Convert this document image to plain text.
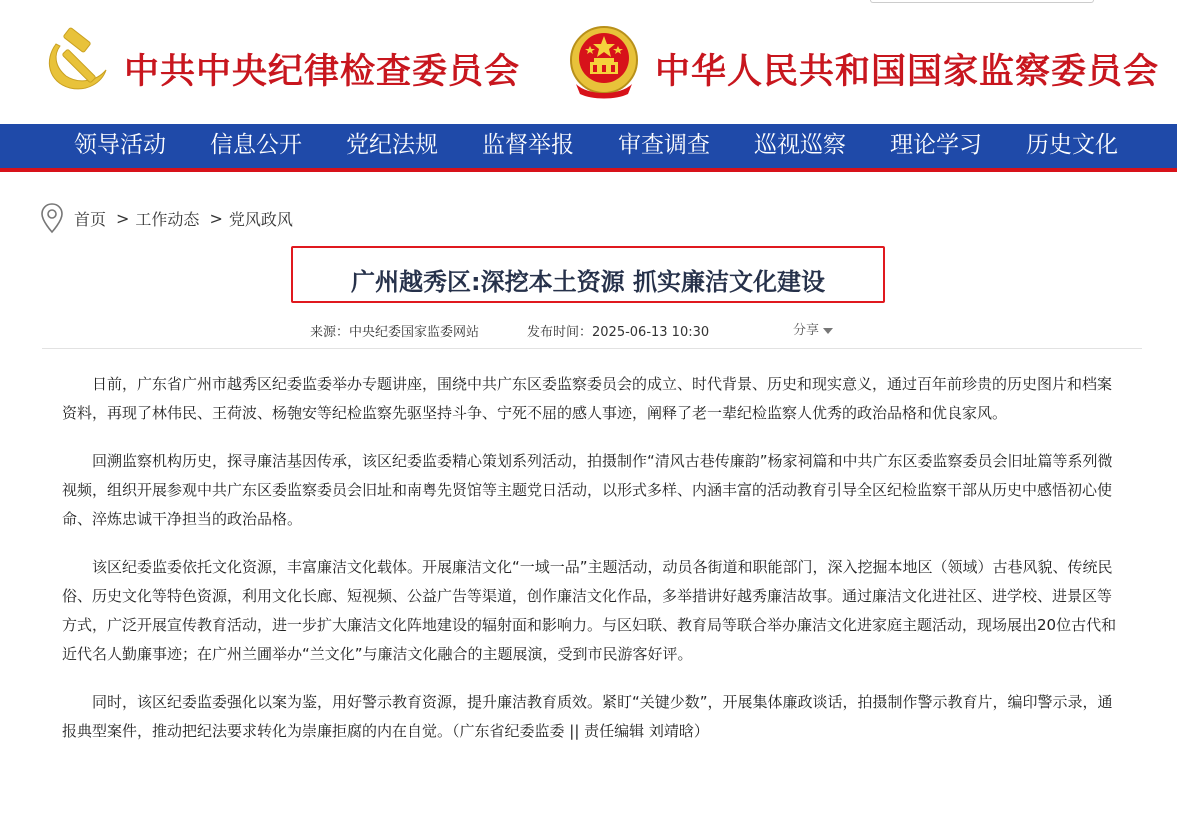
中共中央纪律检查委员会	中华人民共和国国家监察委员会
领导活动	信息公开	党纪法规	监督举报	审查调查	巡视巡察	理论学习	历史文化
首页 > 工作动态 > 党风政风
广州越秀区:深挖本土资源 抓实廉洁文化建设
来源：中央纪委国家监委网站	发布时间：2025-06-13 10:30	分享

日前，广东省广州市越秀区纪委监委举办专题讲座，围绕中共广东区委监察委员会的成立、时代背景、历史和现实意义，通过百年前珍贵的历史图片和档案资料，再现了林伟民、王荷波、杨匏安等纪检监察先驱坚持斗争、宁死不屈的感人事迹，阐释了老一辈纪检监察人优秀的政治品格和优良家风。

回溯监察机构历史，探寻廉洁基因传承，该区纪委监委精心策划系列活动，拍摄制作“清风古巷传廉韵”杨家祠篇和中共广东区委监察委员会旧址篇等系列微视频，组织开展参观中共广东区委监察委员会旧址和南粤先贤馆等主题党日活动，以形式多样、内涵丰富的活动教育引导全区纪检监察干部从历史中感悟初心使命、淬炼忠诚干净担当的政治品格。

该区纪委监委依托文化资源，丰富廉洁文化载体。开展廉洁文化“一域一品”主题活动，动员各街道和职能部门，深入挖掘本地区（领域）古巷风貌、传统民俗、历史文化等特色资源，利用文化长廊、短视频、公益广告等渠道，创作廉洁文化作品，多举措讲好越秀廉洁故事。通过廉洁文化进社区、进学校、进景区等方式，广泛开展宣传教育活动，进一步扩大廉洁文化阵地建设的辐射面和影响力。与区妇联、教育局等联合举办廉洁文化进家庭主题活动，现场展出20位古代和近代名人勤廉事迹；在广州兰圃举办“兰文化”与廉洁文化融合的主题展演，受到市民游客好评。

同时，该区纪委监委强化以案为鉴，用好警示教育资源，提升廉洁教育质效。紧盯“关键少数”，开展集体廉政谈话，拍摄制作警示教育片，编印警示录，通报典型案件，推动把纪法要求转化为崇廉拒腐的内在自觉。（广东省纪委监委 || 责任编辑 刘靖晗）
